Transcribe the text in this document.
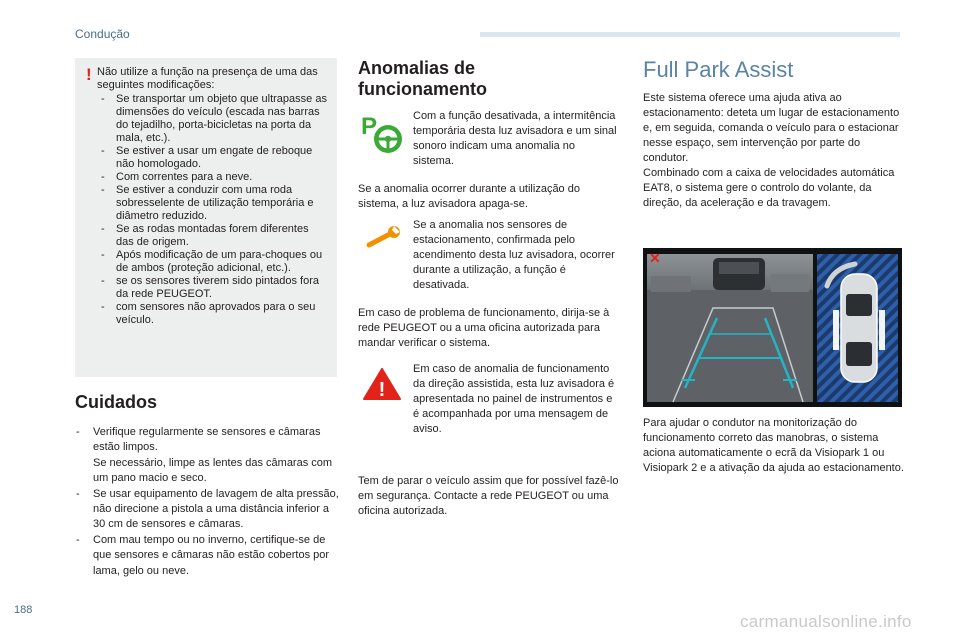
Condução
! Não utilize a função na presença de uma das seguintes modificações:

- Se transportar um objeto que ultrapasse as dimensões do veículo (escada nas barras do tejadilho, porta-bicicletas na porta da mala, etc.).
- Se estiver a usar um engate de reboque não homologado.
- Com correntes para a neve.
- Se estiver a conduzir com uma roda sobresselente de utilização temporária e diâmetro reduzido.
- Se as rodas montadas forem diferentes das de origem.
- Após modificação de um para-choques ou de ambos (proteção adicional, etc.).
- se os sensores tiverem sido pintados fora da rede PEUGEOT.
- com sensores não aprovados para o seu veículo.
Cuidados
- Verifique regularmente se sensores e câmaras estão limpos.
Se necessário, limpe as lentes das câmaras com um pano macio e seco.
- Se usar equipamento de lavagem de alta pressão, não direcione a pistola a uma distância inferior a 30 cm de sensores e câmaras.
- Com mau tempo ou no inverno, certifique-se de que sensores e câmaras não estão cobertos por lama, gelo ou neve.
Anomalias de funcionamento
P	Com a função desativada, a intermitência temporária desta luz avisadora e um sinal sonoro indicam uma anomalia no sistema.
Se a anomalia ocorrer durante a utilização do sistema, a luz avisadora apaga-se.
Se a anomalia nos sensores de estacionamento, confirmada pelo acendimento desta luz avisadora, ocorrer durante a utilização, a função é desativada.
Em caso de problema de funcionamento, dirija-se à rede PEUGEOT ou a uma oficina autorizada para mandar verificar o sistema.
!
Em caso de anomalia de funcionamento da direção assistida, esta luz avisadora é apresentada no painel de instrumentos e é acompanhada por uma mensagem de aviso.
Tem de parar o veículo assim que for possível fazê-lo em segurança. Contacte a rede PEUGEOT ou uma oficina autorizada.
Full Park Assist
Este sistema oferece uma ajuda ativa ao estacionamento: deteta um lugar de estacionamento e, em seguida, comanda o veículo para o estacionar nesse espaço, sem intervenção por parte do condutor.
Combinado com a caixa de velocidades automática EAT8, o sistema gere o controlo do volante, da direção, da aceleração e da travagem.
✕
Para ajudar o condutor na monitorização do funcionamento correto das manobras, o sistema aciona automaticamente o ecrã da Visiopark 1 ou Visiopark 2 e a ativação da ajuda ao estacionamento.
188
carmanualsonline.info
